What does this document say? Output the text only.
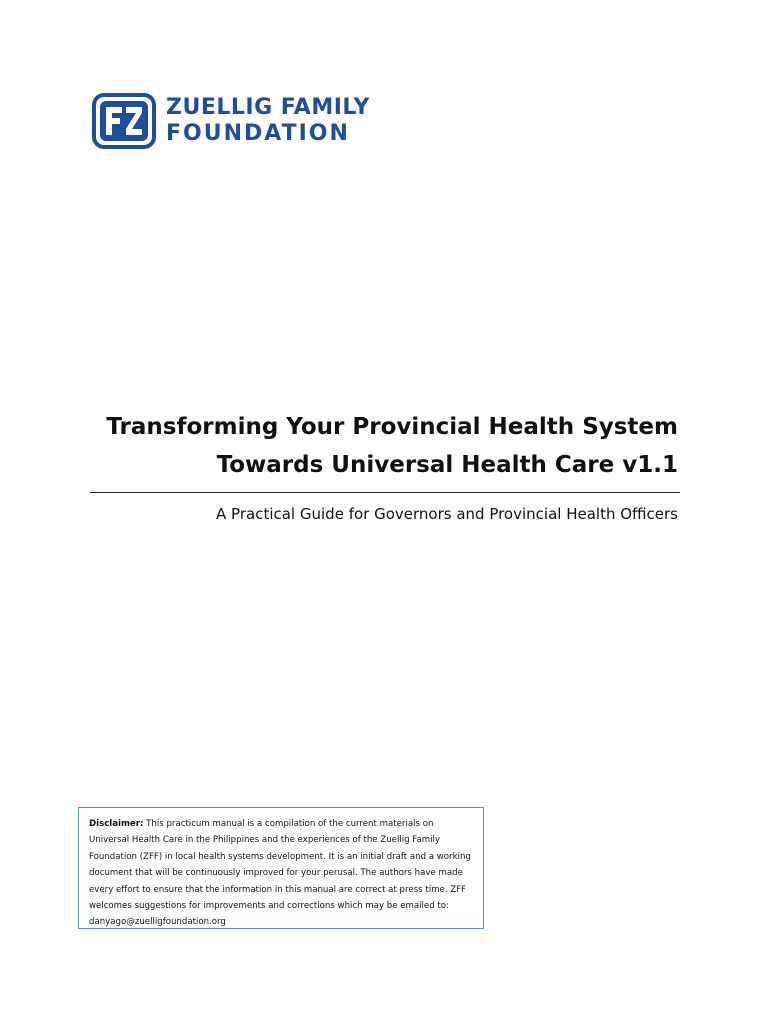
ZUELLIG FAMILY
FOUNDATION
Transforming Your Provincial Health System
Towards Universal Health Care v1.1
A Practical Guide for Governors and Provincial Health Officers
Disclaimer: This practicum manual is a compilation of the current materials on Universal Health Care in the Philippines and the experiences of the Zuellig Family Foundation (ZFF) in local health systems development. It is an initial draft and a working document that will be continuously improved for your perusal. The authors have made every effort to ensure that the information in this manual are correct at press time. ZFF welcomes suggestions for improvements and corrections which may be emailed to: danyago@zuelligfoundation.org
